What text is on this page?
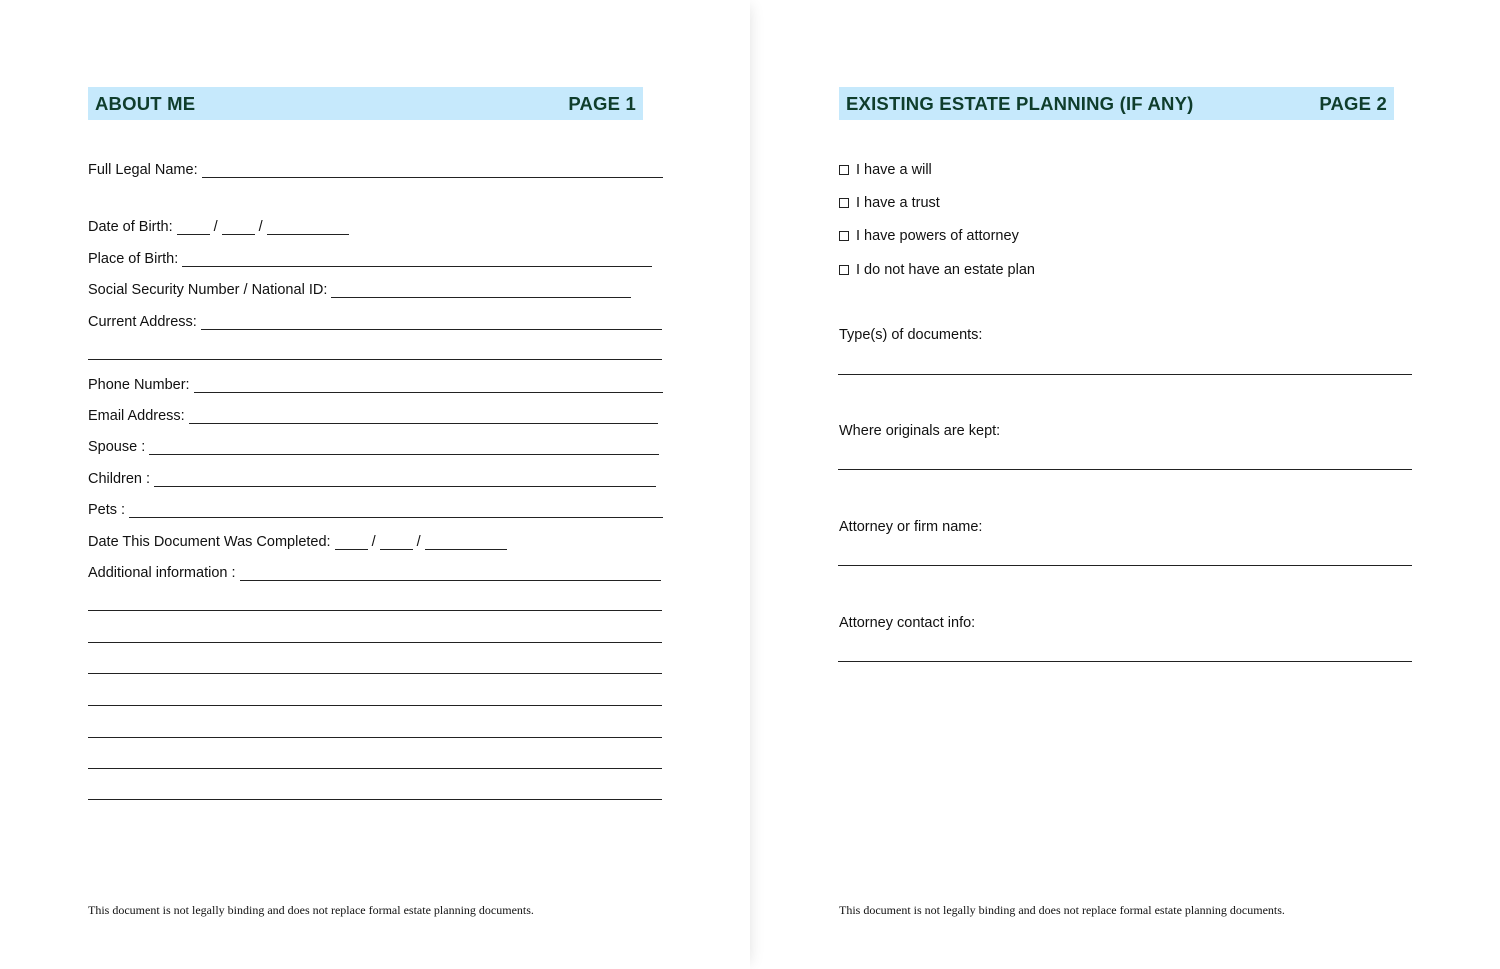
ABOUT ME	PAGE 1
Full Legal Name:
Date of Birth:	/	/
Place of Birth:
Social Security Number / National ID:
Current Address:
Phone Number:
Email Address:
Spouse :
Children :
Pets :
Date This Document Was Completed:	/	/
Additional information :
This document is not legally binding and does not replace formal estate planning documents.
EXISTING ESTATE PLANNING (IF ANY)	PAGE 2
I have a will
I have a trust
I have powers of attorney
I do not have an estate plan
Type(s) of documents:
Where originals are kept:
Attorney or firm name:
Attorney contact info:
This document is not legally binding and does not replace formal estate planning documents.
